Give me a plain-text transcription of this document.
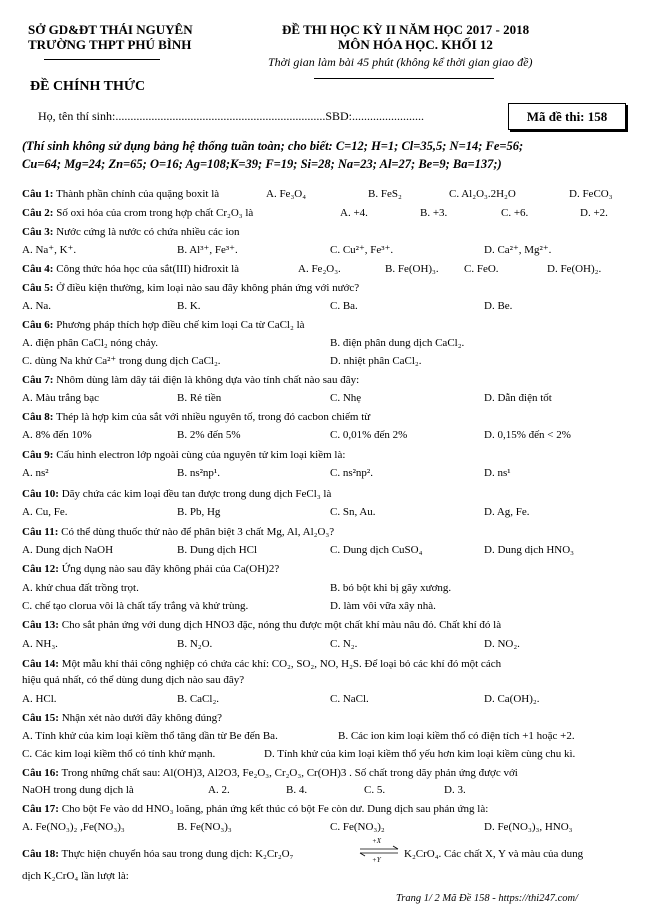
SỞ GD&ĐT THÁI NGUYÊN
TRƯỜNG THPT PHÚ BÌNH
ĐỀ CHÍNH THỨC
ĐỀ THI HỌC KỲ II NĂM HỌC 2017 - 2018
MÔN HÓA HỌC. KHỐI 12
Thời gian làm bài 45 phút (không kể thời gian giao đề)
Họ, tên thí sinh:......................................................................SBD:........................	Mã đề thi: 158
(Thí sinh không sử dụng bảng hệ thống tuần toàn; cho biết: C=12; H=1; Cl=35,5; N=14; Fe=56;
Cu=64; Mg=24; Zn=65; O=16; Ag=108;K=39; F=19; Si=28; Na=23; Al=27; Be=9; Ba=137;)
Câu 1: Thành phần chính của quặng boxit là	A. Fe₃O₄	B. FeS₂	C. Al₂O₃.2H₂O	D. FeCO₃
Câu 2: Số oxi hóa của crom trong hợp chất Cr₂O₃ là	A. +4.	B. +3.	C. +6.	D. +2.
Câu 3: Nước cứng là nước có chứa nhiều các ion
A. Na⁺, K⁺.	B. Al³⁺, Fe³⁺.	C. Cu²⁺, Fe³⁺.	D. Ca²⁺, Mg²⁺.
Câu 4: Công thức hóa học của sắt(III) hiđroxit là	A. Fe₂O₃.	B. Fe(OH)₃. C. FeO.	D. Fe(OH)₂.
Câu 5: Ở điều kiện thường, kim loại nào sau đây không phản ứng với nước?
A. Na.	B. K.	C. Ba.	D. Be.
Câu 6: Phương pháp thích hợp điều chế kim loại Ca từ CaCl₂ là
A. điện phân CaCl₂ nóng chảy.	B. điện phân dung dịch CaCl₂.
C. dùng Na khử Ca²⁺ trong dung dịch CaCl₂.	D. nhiệt phân CaCl₂.
Câu 7: Nhôm dùng làm dây tải điện là không dựa vào tính chất nào sau đây:
A. Màu trắng bạc	B. Rẻ tiền	C. Nhẹ	D. Dẫn điện tốt
Câu 8: Thép là hợp kim của sắt với nhiều nguyên tố, trong đó cacbon chiếm từ
A. 8% đến 10%	B. 2% đến 5%	C. 0,01% đến 2%	D. 0,15% đến < 2%
Câu 9: Cấu hình electron lớp ngoài cùng của nguyên tử kim loại kiềm là:
A. ns²	B. ns²np¹.	C. ns²np².	D. ns¹
Câu 10: Dãy chứa các kim loại đều tan được trong dung dịch FeCl₃ là
A. Cu, Fe.	B. Pb, Hg	C. Sn, Au.	D. Ag, Fe.
Câu 11: Có thể dùng thuốc thử nào để phân biệt 3 chất Mg, Al, Al₂O₃?
A. Dung dịch NaOH	B. Dung dịch HCl	C. Dung dịch CuSO₄	D. Dung dịch HNO₃
Câu 12: Ứng dụng nào sau đây không phải của Ca(OH)2?
A. khử chua đất trồng trọt.	B. bó bột khi bị gãy xương.
C. chế tạo clorua vôi là chất tẩy trắng và khử trùng.	D. làm vôi vữa xây nhà.
Câu 13: Cho sắt phản ứng với dung dịch HNO3 đặc, nóng thu được một chất khí màu nâu đỏ. Chất khí đó là
A. NH₃.	B. N₂O.	C. N₂.	D. NO₂.
Câu 14: Một mẫu khí thải công nghiệp có chứa các khí: CO₂, SO₂, NO, H₂S. Để loại bỏ các khí đó một cách
hiệu quả nhất, có thể dùng dung dịch nào sau đây?
A. HCl.	B. CaCl₂.	C. NaCl.	D. Ca(OH)₂.
Câu 15: Nhận xét nào dưới đây không đúng?
A. Tính khử của kim loại kiềm thổ tăng dần từ Be đến Ba.	B. Các ion kim loại kiềm thổ có điện tích +1 hoặc +2.
C. Các kim loại kiềm thổ có tính khử mạnh.	D. Tính khử của kim loại kiềm thổ yếu hơn kim loại kiềm cùng chu kì.
Câu 16: Trong những chất sau: Al(OH)3, Al2O3, Fe₂O₃, Cr₂O₃, Cr(OH)3 . Số chất trong dãy phản ứng được với
NaOH trong dung dịch là	A. 2.	B. 4.	C. 5.	D. 3.
Câu 17: Cho bột Fe vào dd HNO₃ loãng, phản ứng kết thúc có bột Fe còn dư. Dung dịch sau phản ứng là:
A. Fe(NO₃)₂ ,Fe(NO₃)₃	B. Fe(NO₃)₃	C. Fe(NO₃)₂	D. Fe(NO₃)₃, HNO₃
Câu 18: Thực hiện chuyển hóa sau trong dung dịch: K₂Cr₂O₇
+X
+Y K₂CrO₄. Các chất X, Y và màu của dung
dịch K₂CrO₄ lần lượt là:
Trang 1/ 2 Mã Đề 158 - https://thi247.com/
